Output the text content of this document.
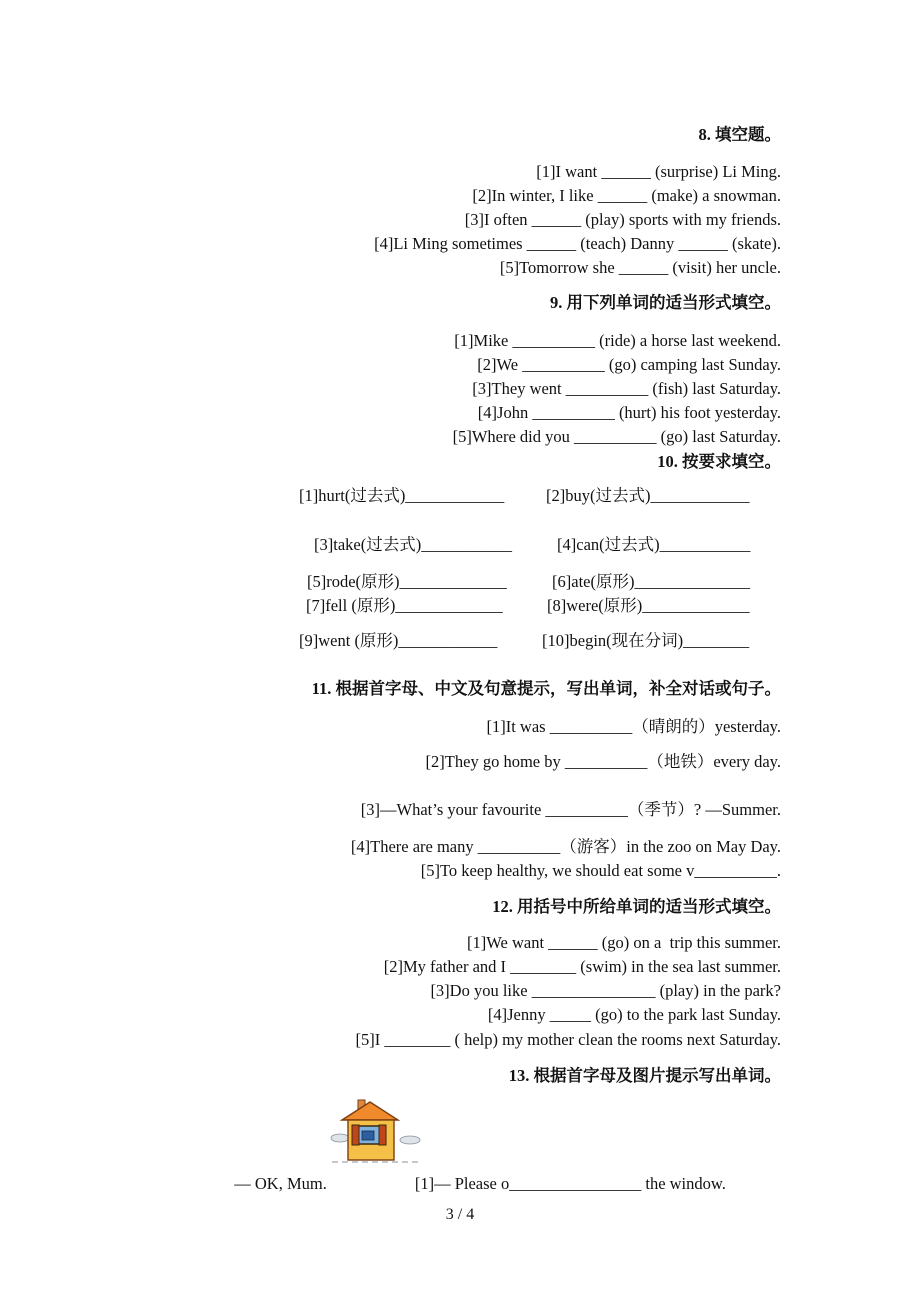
8. 填空题。
[1]I want ______ (surprise) Li Ming.
[2]In winter, I like ______ (make) a snowman.
[3]I often ______ (play) sports with my friends.
[4]Li Ming sometimes ______ (teach) Danny ______ (skate).
[5]Tomorrow she ______ (visit) her uncle.
9. 用下列单词的适当形式填空。
[1]Mike __________ (ride) a horse last weekend.
[2]We __________ (go) camping last Sunday.
[3]They went __________ (fish) last Saturday.
[4]John __________ (hurt) his foot yesterday.
[5]Where did you __________ (go) last Saturday.
10. 按要求填空。
[1]hurt(过去式)____________	[2]buy(过去式)____________
[3]take(过去式)___________	[4]can(过去式)___________
[5]rode(原形)_____________	[6]ate(原形)______________
[7]fell (原形)_____________	[8]were(原形)_____________
[9]went (原形)____________	[10]begin(现在分词)________
11. 根据首字母、中文及句意提示，写出单词，补全对话或句子。
[1]It was __________（晴朗的）yesterday.
[2]They go home by __________（地铁）every day.
[3]—What’s your favourite __________（季节）? —Summer.
[4]There are many __________（游客）in the zoo on May Day.
[5]To keep healthy, we should eat some v__________.
12. 用括号中所给单词的适当形式填空。
[1]We want ______ (go) on a  trip this summer.
[2]My father and I ________ (swim) in the sea last summer.
[3]Do you like _______________ (play) in the park?
[4]Jenny _____ (go) to the park last Sunday.
[5]I ________ ( help) my mother clean the rooms next Saturday.
13. 根据首字母及图片提示写出单词。

— OK, Mum.	[1]— Please o________________ the window.

3 / 4
